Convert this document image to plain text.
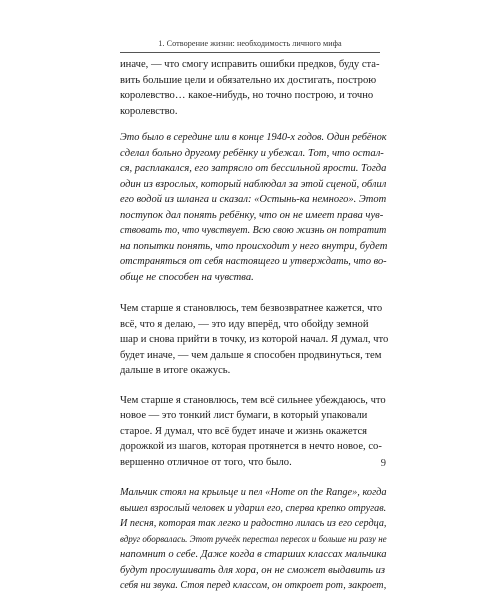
1. Сотворение жизни: необходимость личного мифа

иначе, — что смогу исправить ошибки предков, буду ста-
вить большие цели и обязательно их достигать, построю
королевство… какое-нибудь, но точно построю, и точно
королевство.

Это было в середине или в конце 1940-х годов. Один ребёнок
сделал больно другому ребёнку и убежал. Тот, что остал-
ся, расплакался, его затрясло от бессильной ярости. Тогда
один из взрослых, который наблюдал за этой сценой, облил
его водой из шланга и сказал: «Остынь-ка немного». Этот
поступок дал понять ребёнку, что он не имеет права чув-
ствовать то, что чувствует. Всю свою жизнь он потратит
на попытки понять, что происходит у него внутри, будет
отстраняться от себя настоящего и утверждать, что во-
обще не способен на чувства.

Чем старше я становлюсь, тем безвозвратнее кажется, что
всё, что я делаю, — это иду вперёд, что обойду земной
шар и снова прийти в точку, из которой начал. Я думал, что
будет иначе, — чем дальше я способен продвинуться, тем
дальше в итоге окажусь.

Чем старше я становлюсь, тем всё сильнее убеждаюсь, что
новое — это тонкий лист бумаги, в который упаковали
старое. Я думал, что всё будет иначе и жизнь окажется
дорожкой из шагов, которая протянется в нечто новое, со-
вершенно отличное от того, что было.

Мальчик стоял на крыльце и пел «Home on the Range», когда
вышел взрослый человек и ударил его, сперва крепко отругав.
И песня, которая так легко и радостно лилась из его сердца,
вдруг оборвалась. Этот ручеёк перестал пересох и больше ни разу не
напомнит о себе. Даже когда в старших классах мальчика
будут прослушивать для хора, он не сможет выдавить из
себя ни звука. Стоя перед классом, он откроет рот, закроет,

9
